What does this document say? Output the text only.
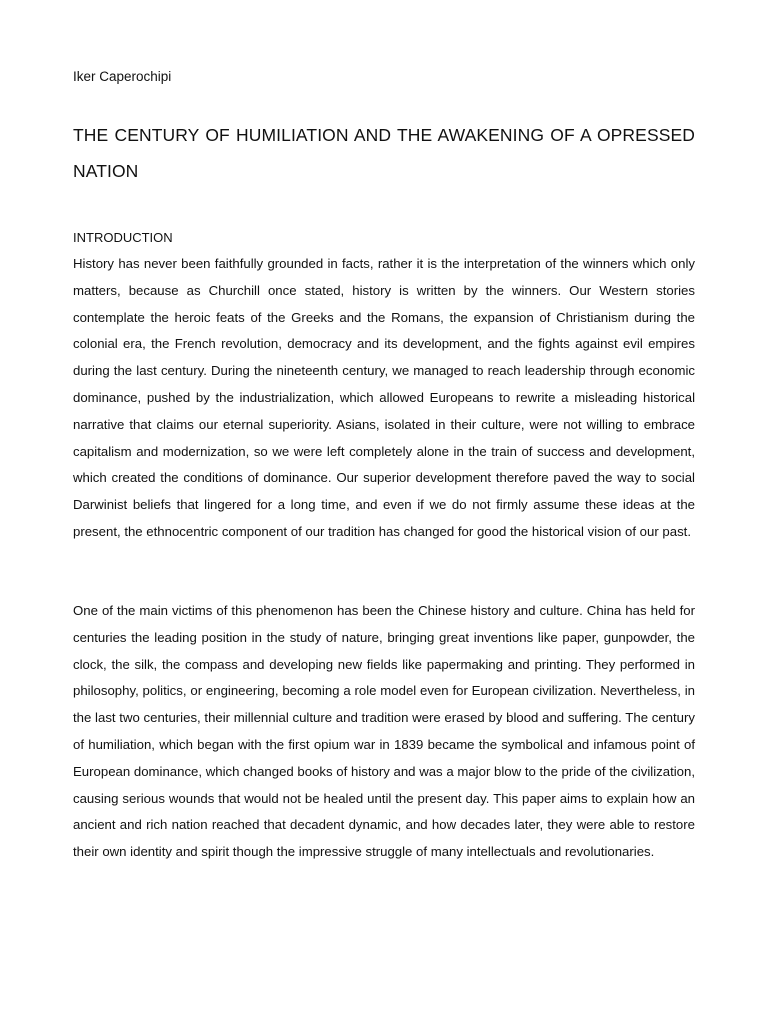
Iker Caperochipi
THE CENTURY OF HUMILIATION AND THE AWAKENING OF A OPRESSED NATION
INTRODUCTION

History has never been faithfully grounded in facts, rather it is the interpretation of the winners which only matters, because as Churchill once stated, history is written by the winners. Our Western stories contemplate the heroic feats of the Greeks and the Romans, the expansion of Christianism during the colonial era, the French revolution, democracy and its development, and the fights against evil empires during the last century. During the nineteenth century, we managed to reach leadership through economic dominance, pushed by the industrialization, which allowed Europeans to rewrite a misleading historical narrative that claims our eternal superiority. Asians, isolated in their culture, were not willing to embrace capitalism and modernization, so we were left completely alone in the train of success and development, which created the conditions of dominance. Our superior development therefore paved the way to social Darwinist beliefs that lingered for a long time, and even if we do not firmly assume these ideas at the present, the ethnocentric component of our tradition has changed for good the historical vision of our past.

One of the main victims of this phenomenon has been the Chinese history and culture. China has held for centuries the leading position in the study of nature, bringing great inventions like paper, gunpowder, the clock, the silk, the compass and developing new fields like papermaking and printing. They performed in philosophy, politics, or engineering, becoming a role model even for European civilization. Nevertheless, in the last two centuries, their millennial culture and tradition were erased by blood and suffering. The century of humiliation, which began with the first opium war in 1839 became the symbolical and infamous point of European dominance, which changed books of history and was a major blow to the pride of the civilization, causing serious wounds that would not be healed until the present day. This paper aims to explain how an ancient and rich nation reached that decadent dynamic, and how decades later, they were able to restore their own identity and spirit though the impressive struggle of many intellectuals and revolutionaries.
